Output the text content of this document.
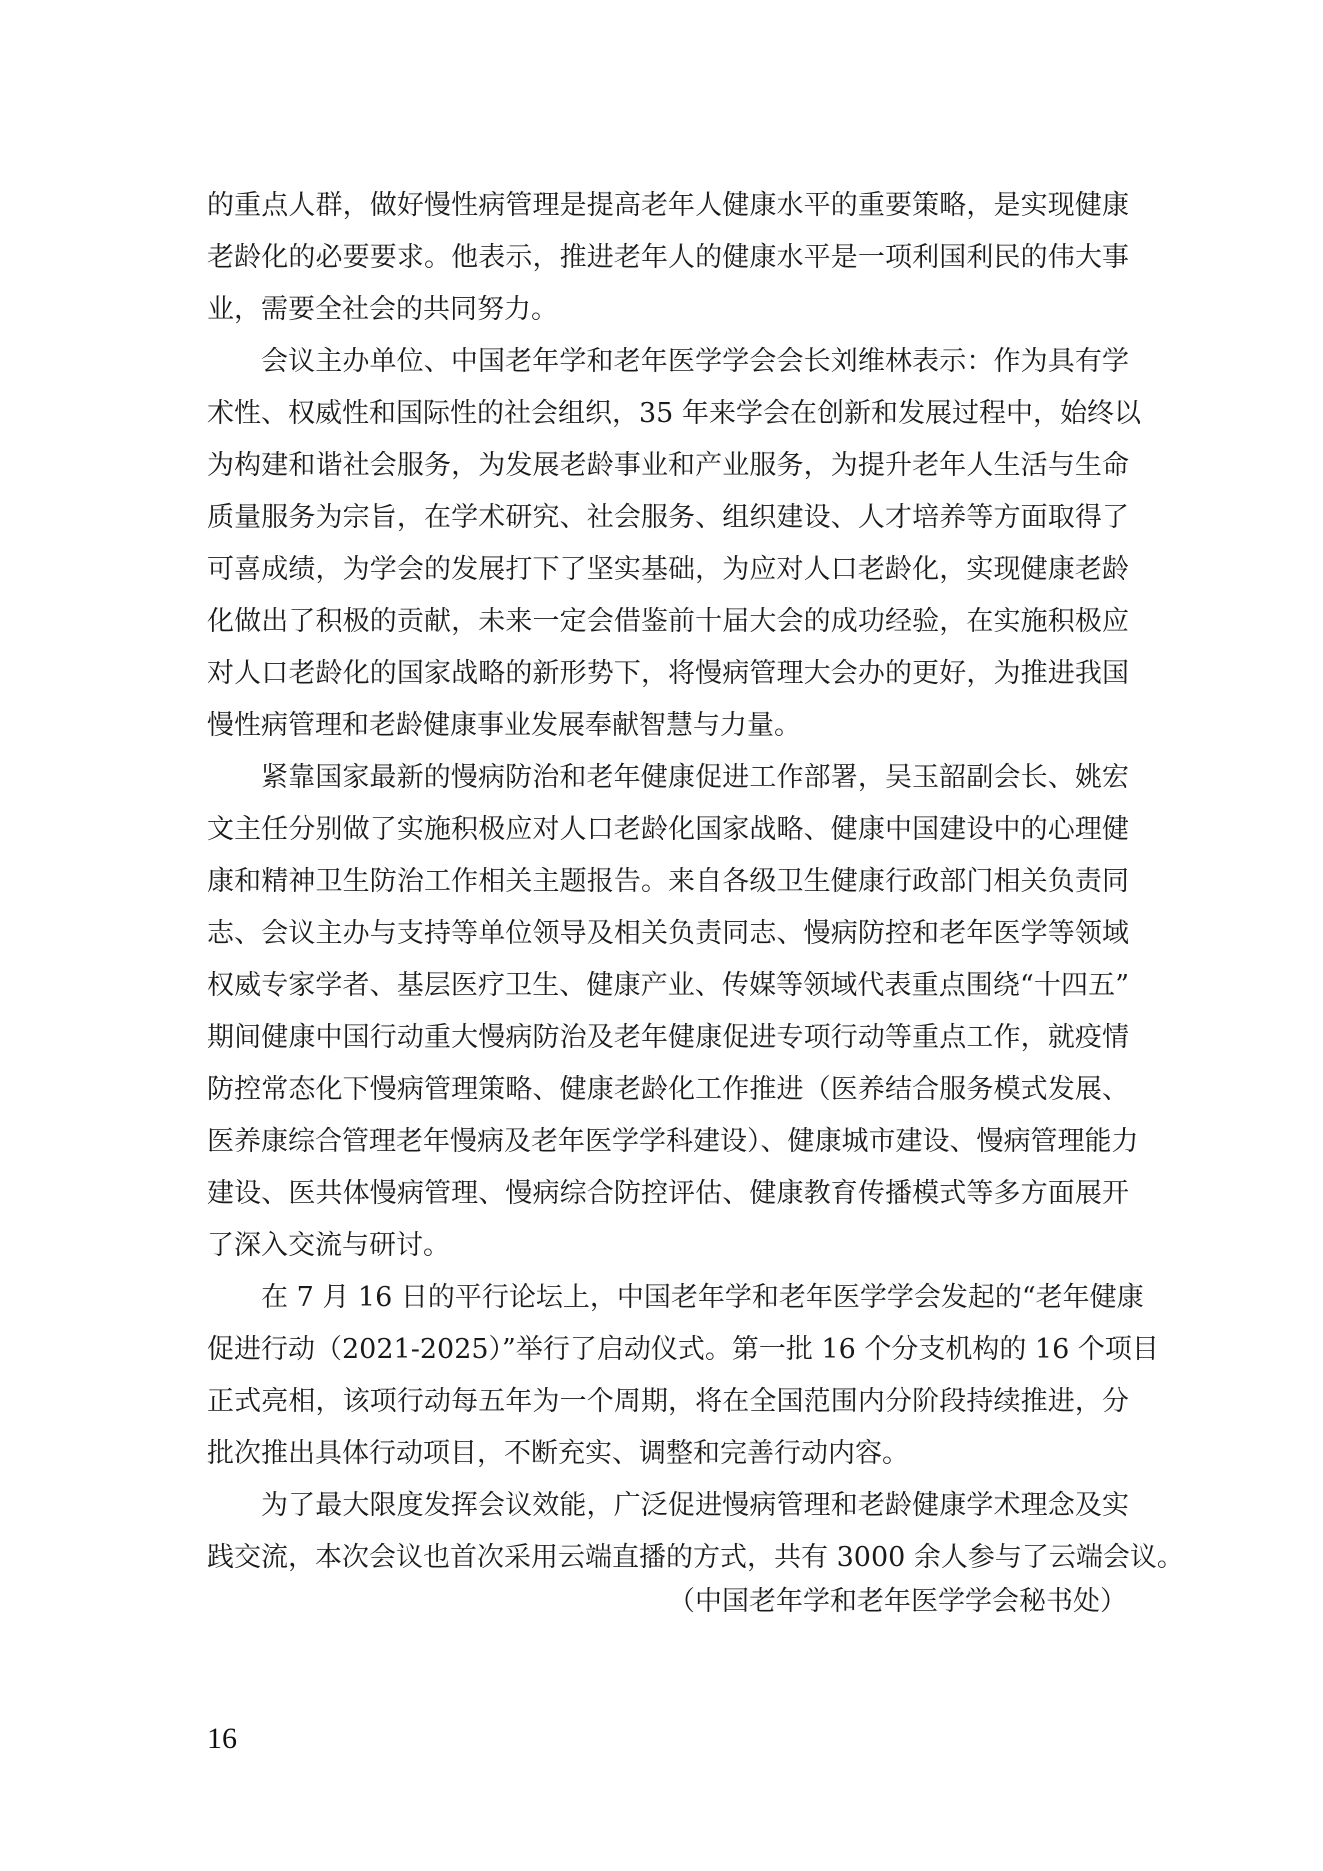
的重点人群，做好慢性病管理是提高老年人健康水平的重要策略，是实现健康
老龄化的必要要求。他表示，推进老年人的健康水平是一项利国利民的伟大事
业，需要全社会的共同努力。
会议主办单位、中国老年学和老年医学学会会长刘维林表示：作为具有学
术性、权威性和国际性的社会组织，35 年来学会在创新和发展过程中，始终以
为构建和谐社会服务，为发展老龄事业和产业服务，为提升老年人生活与生命
质量服务为宗旨，在学术研究、社会服务、组织建设、人才培养等方面取得了
可喜成绩，为学会的发展打下了坚实基础，为应对人口老龄化，实现健康老龄
化做出了积极的贡献，未来一定会借鉴前十届大会的成功经验，在实施积极应
对人口老龄化的国家战略的新形势下，将慢病管理大会办的更好，为推进我国
慢性病管理和老龄健康事业发展奉献智慧与力量。
紧靠国家最新的慢病防治和老年健康促进工作部署，吴玉韶副会长、姚宏
文主任分别做了实施积极应对人口老龄化国家战略、健康中国建设中的心理健
康和精神卫生防治工作相关主题报告。来自各级卫生健康行政部门相关负责同
志、会议主办与支持等单位领导及相关负责同志、慢病防控和老年医学等领域
权威专家学者、基层医疗卫生、健康产业、传媒等领域代表重点围绕“十四五”
期间健康中国行动重大慢病防治及老年健康促进专项行动等重点工作，就疫情
防控常态化下慢病管理策略、健康老龄化工作推进（医养结合服务模式发展、
医养康综合管理老年慢病及老年医学学科建设）、健康城市建设、慢病管理能力
建设、医共体慢病管理、慢病综合防控评估、健康教育传播模式等多方面展开
了深入交流与研讨。
在 7 月 16 日的平行论坛上，中国老年学和老年医学学会发起的“老年健康
促进行动（2021-2025）”举行了启动仪式。第一批 16 个分支机构的 16 个项目
正式亮相，该项行动每五年为一个周期，将在全国范围内分阶段持续推进，分
批次推出具体行动项目，不断充实、调整和完善行动内容。
为了最大限度发挥会议效能，广泛促进慢病管理和老龄健康学术理念及实
践交流，本次会议也首次采用云端直播的方式，共有 3000 余人参与了云端会议。
（中国老年学和老年医学学会秘书处）
16
